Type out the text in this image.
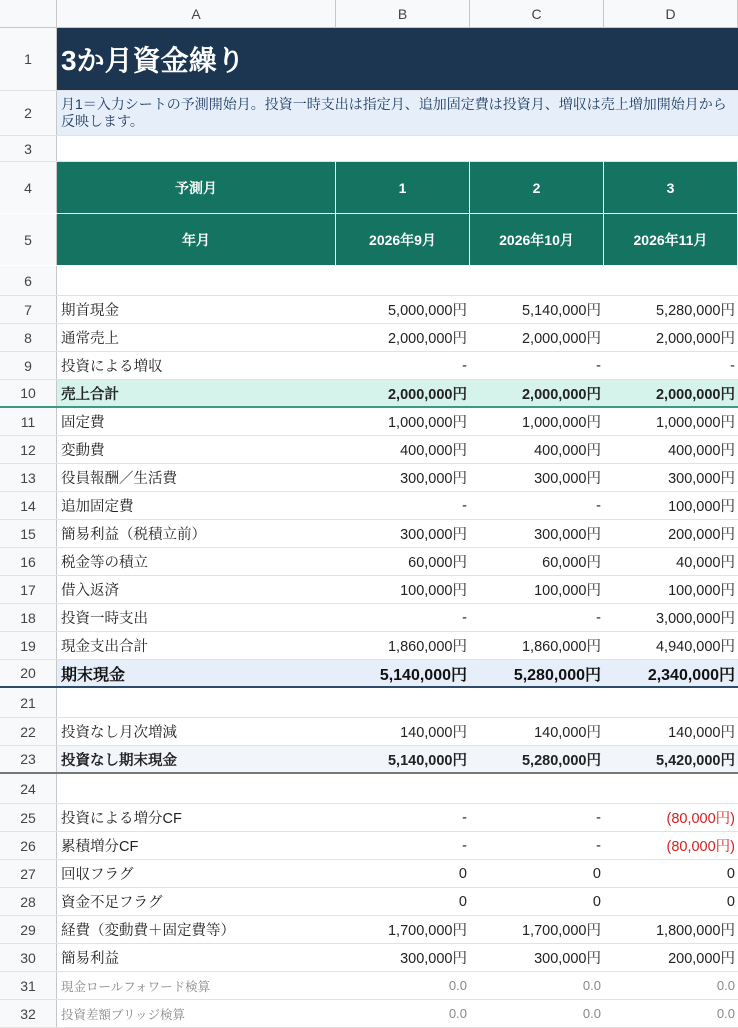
A	B	C	D
1	3か月資金繰り
2
月1＝入力シートの予測開始月。投資一時支出は指定月、追加固定費は投資月、増収は売上増加開始月から反映します。
3
4	予測月	1	2	3
5	年月	2026年9月	2026年10月	2026年11月
6
7	期首現金	5,000,000円	5,140,000円	5,280,000円
8	通常売上	2,000,000円	2,000,000円	2,000,000円
9	投資による増収	-	-	-
10	売上合計	2,000,000円	2,000,000円	2,000,000円
11	固定費	1,000,000円	1,000,000円	1,000,000円
12	変動費	400,000円	400,000円	400,000円
13	役員報酬／生活費	300,000円	300,000円	300,000円
14	追加固定費	-	-	100,000円
15	簡易利益（税積立前）	300,000円	300,000円	200,000円
16	税金等の積立	60,000円	60,000円	40,000円
17	借入返済	100,000円	100,000円	100,000円
18	投資一時支出	-	-	3,000,000円
19	現金支出合計	1,860,000円	1,860,000円	4,940,000円
20	期末現金	5,140,000円	5,280,000円	2,340,000円
21
22	投資なし月次増減	140,000円	140,000円	140,000円
23	投資なし期末現金	5,140,000円	5,280,000円	5,420,000円
24
25	投資による増分CF	-	-	(80,000円)
26	累積増分CF	-	-	(80,000円)
27	回収フラグ	0	0	0
28	資金不足フラグ	0	0	0
29	経費（変動費＋固定費等）	1,700,000円	1,700,000円	1,800,000円
30	簡易利益	300,000円	300,000円	200,000円
31	現金ロールフォワード検算	0.0	0.0	0.0
32	投資差額ブリッジ検算	0.0	0.0	0.0
